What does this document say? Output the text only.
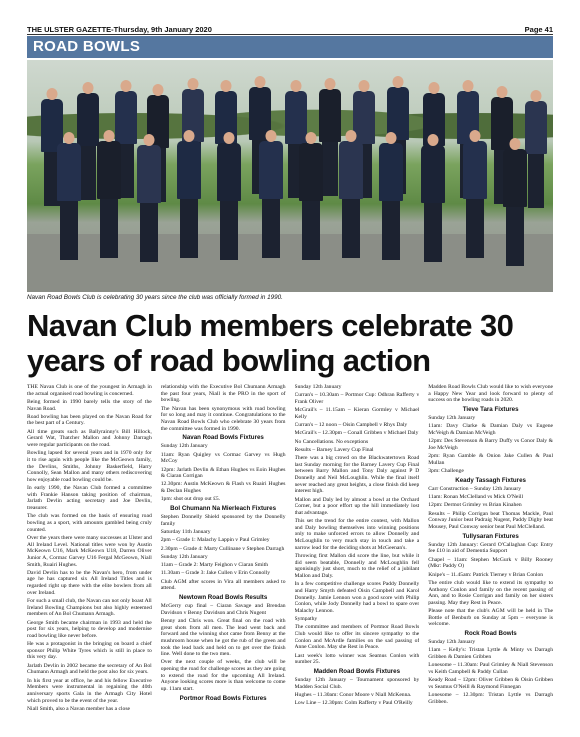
THE ULSTER GAZETTE-Thursday, 9th January 2020	Page 41
ROAD BOWLS
Navan Road Bowls Club is celebrating 30 years since the club was officially formed in 1990.
Navan Club members celebrate 30 years of road bowling action

THE Navan Club is one of the youngest in Armagh in the actual organised road bowling is concerned.

Being formed in 1990 barely tells the story of the Navan Road.

Road bowling has been played on the Navan Road for the best part of a Century.

All time greats such as Ballyrainny's Bill Hillock, Gerard Wat, Thatcher Mallon and Johnny Darragh were regular participants on the road.

Bowling lapsed for several years and in 1970 only for it to rise again with people like the McGeown family, the Devlins, Smiths, Johnny Baskerfield, Harry Connolly, Sean Mallon and many others rediscovering how enjoyable road bowling could be.

In early 1990, the Navan Club formed a committee with Frankie Hanson taking position of chairman, Jarlath Devlin acting secretary and Joe Devlin, treasurer.

The club was formed on the basis of ensuring road bowling as a sport, with amounts gambled being cruly counted.

Over the years there were many successes at Ulster and All Ireland Level. National titles were won by Austin McKeown U16, Mark McKeown U18, Darren Oliver Junior A, Cormac Garvey U16 Fergal McGeown, Niall Smith, Ruairi Hughes.

David Devlin has to be the Navan's hero, from under age he has captured six All Ireland Titles and is regarded right up there with the elite bowlers from all over Ireland.

For such a small club, the Navan can not only boast All Ireland Bowling Champions but also highly esteemed members of An Bol Chumann Armagh.

George Smith became chairman in 1993 and held the post for six years, helping to develop and modernise road bowling like never before.

He was a protagonist in the bringing on board a chief sponsor Philip White Tyres which is still in place to this very day.

Jarlath Devlin in 2002 became the secretary of An Bol Chumann Armagh and held the post also for six years.

In his first year at office, he and his fellow Executive Members were instrumental in regaining the 40th anniversary sports Gala in the Armagh City Hotel which proved to be the event of the year.

Niall Smith, also a Navan member has a close

relationship with the Executive Bol Chumann Armagh the past four years, Niall is the PRO in the sport of bowling.

The Navan has been synonymous with road bowling for so long and may it continue. Congratulations to the Navan Road Bowls Club who celebrate 30 years from the committee was formed in 1990.

Navan Road Bowls Fixtures

Sunday 12th January

11am: Ryan Quigley vs Cormac Garvey vs Hugh McCoy

12pm: Jarlath Devlin & Ethan Hughes vs Eoin Hughes & Ciaran Corrigan

12.30pm: Austin McKeown & Flash vs Ruairi Hughes & Declan Hughes

1pm: shot out drop out £5.

Bol Chumann Na Mierleach Fixtures

Stephen Donnelly Shield sponsored by the Donnelly family

Saturday 11th January

2pm – Grade 1: Malachy Lappin v Paul Grimley

2.30pm – Grade 4: Marty Cullinane v Stephen Darragh

Sunday 12th January

11am – Grade 2: Marty Feighon v Ciaran Smith

11.30am – Grade 3: Jake Cullen v Erin Connolly

Club AGM after scores in Vira all members asked to attend.

Newtown Road Bowls Results

McGerry cup final – Ciaran Savage and Brendan Davidson v Benny Davidson and Chris Nugent

Benny and Chris won. Great final on the road with great shots from all men. The lead went back and forward and the winning shot came from Benny at the mushroom house when he got the rub of the green and took the lead back and held on to get over the finish line. Well done to the two men.

Over the next couple of weeks, the club will be opening the road for challenge scores as they are going to extend the road for the upcoming All Ireland. Anyone looking scores more is than welcome to come up. 11am start.

Portmor Road Bowls Fixtures

Sunday 12th January

Curran's – 10.30am – Portmor Cup: Odhran Rafferty v Frank Oliver

McGrail's – 11.15am – Kieran Gormley v Michael Kelly

Curran's – 12 noon – Oisin Campbell v Rhys Daly

McGrail's – 12.30pm – Conall Gribben v Michael Daly

No Cancellations. No exceptions

Results – Barney Lavery Cup Final

There was a big crowd on the Blackwatertown Road last Sunday morning for the Barney Lavery Cup Final between Barry Mallon and Tony Daly against P D Donnelly and Neil McLoughlin. While the final itself never reached any great heights, a close finish did keep interest high.

Mallon and Daly led by almost a bowl at the Orchard Corner, but a poor effort up the hill immediately lost that advantage.

This set the trend for the entire contest, with Mallon and Daly bowling themselves into winning positions only to make unforced errors to allow Donnelly and McLoughlin to very much stay in touch and take a narrow lead for the deciding shots at McGeenan's.

Throwing first Mallon did score the line, but while it did seem beatable, Donnelly and McLoughlin fell agonisingly just short, much to the relief of a jubilant Mallon and Daly.

In a few competitive challenge scores Paddy Donnelly and Harry Smyth defeated Oisin Campbell and Karol Donnelly. Jamie Lennon won a good score with Philip Conlon, while Jody Donnelly had a bowl to spare over Malachy Lennon.

Sympathy

The committee and members of Portmor Road Bowls Club would like to offer its sincere sympathy to the Conlon and McArdle families on the sad passing of Anne Conlon. May she Rest in Peace.

Last week's lotto winner was Seamus Conlon with number 25.

Madden Road Bowls Fixtures

Sunday 12th January – Tournament sponsored by Madden Social Club.

Hughes – 11.30am: Conor Moore v Niall McKenna.

Low Line – 12.30pm: Colm Rafferty v Paul O'Reilly

Madden Road Bowls Club would like to wish everyone a Happy New Year and look forward to plenty of success on the bowling roads in 2020.

Tieve Tara Fixtures

Sunday 12th January

11am: Davy Clarke & Damian Daly vs Eugene McVeigh & Damian McVeigh

12pm: Des Stevenson & Barry Duffy vs Conor Daly & Joe McVeigh

2pm: Ryan Gamble & Onion Jake Cullen & Paul Mullan

3pm: Challenge

Keady Tassagh Fixtures

Carr Construction – Sunday 12th January

11am: Ronan McClelland vs Mick O'Neill

12pm: Dermot Grimley vs Brian Kinahen

Results – Philip Corrigan beat Thomas Mackle, Paul Conway Junior beat Padraig Nugent, Paddy Digby beat Mousey, Paul Conway senior beat Paul McClelland.

Tullysaran Fixtures

Sunday 12th January: Gerard O'Callaghan Cup: Entry fee £10 in aid of Dementia Support

Chapel – 11am: Stephen McGurk v Billy Rooney (Mkr: Paddy O)

Knipe's – 11.45am: Patrick Tierney v Brian Conlon

The entire club would like to extend its sympathy to Anthony Conlon and family on the recent passing of Ann, and to Rosie Corrigan and family on her sisters passing. May they Rest in Peace.

Please note that the club's AGM will be held in The Bottle of Benburb on Sunday at 5pm – everyone is welcome.

Rock Road Bowls

Sunday 12th January

11am – Kelly's: Tristan Lyttle & Minty vs Darragh Gribben & Damien Gribben

Lonesome – 11.30am: Paul Grimley & Niall Stevenson vs Keith Campbell & Paddy Cullan

Keady Road – 12pm: Oliver Gribben & Oisin Gribben vs Seamus O'Neill & Raymond Finnegan

Lonesome – 12.30pm: Tristan Lyttle vs Darragh Gribben.
